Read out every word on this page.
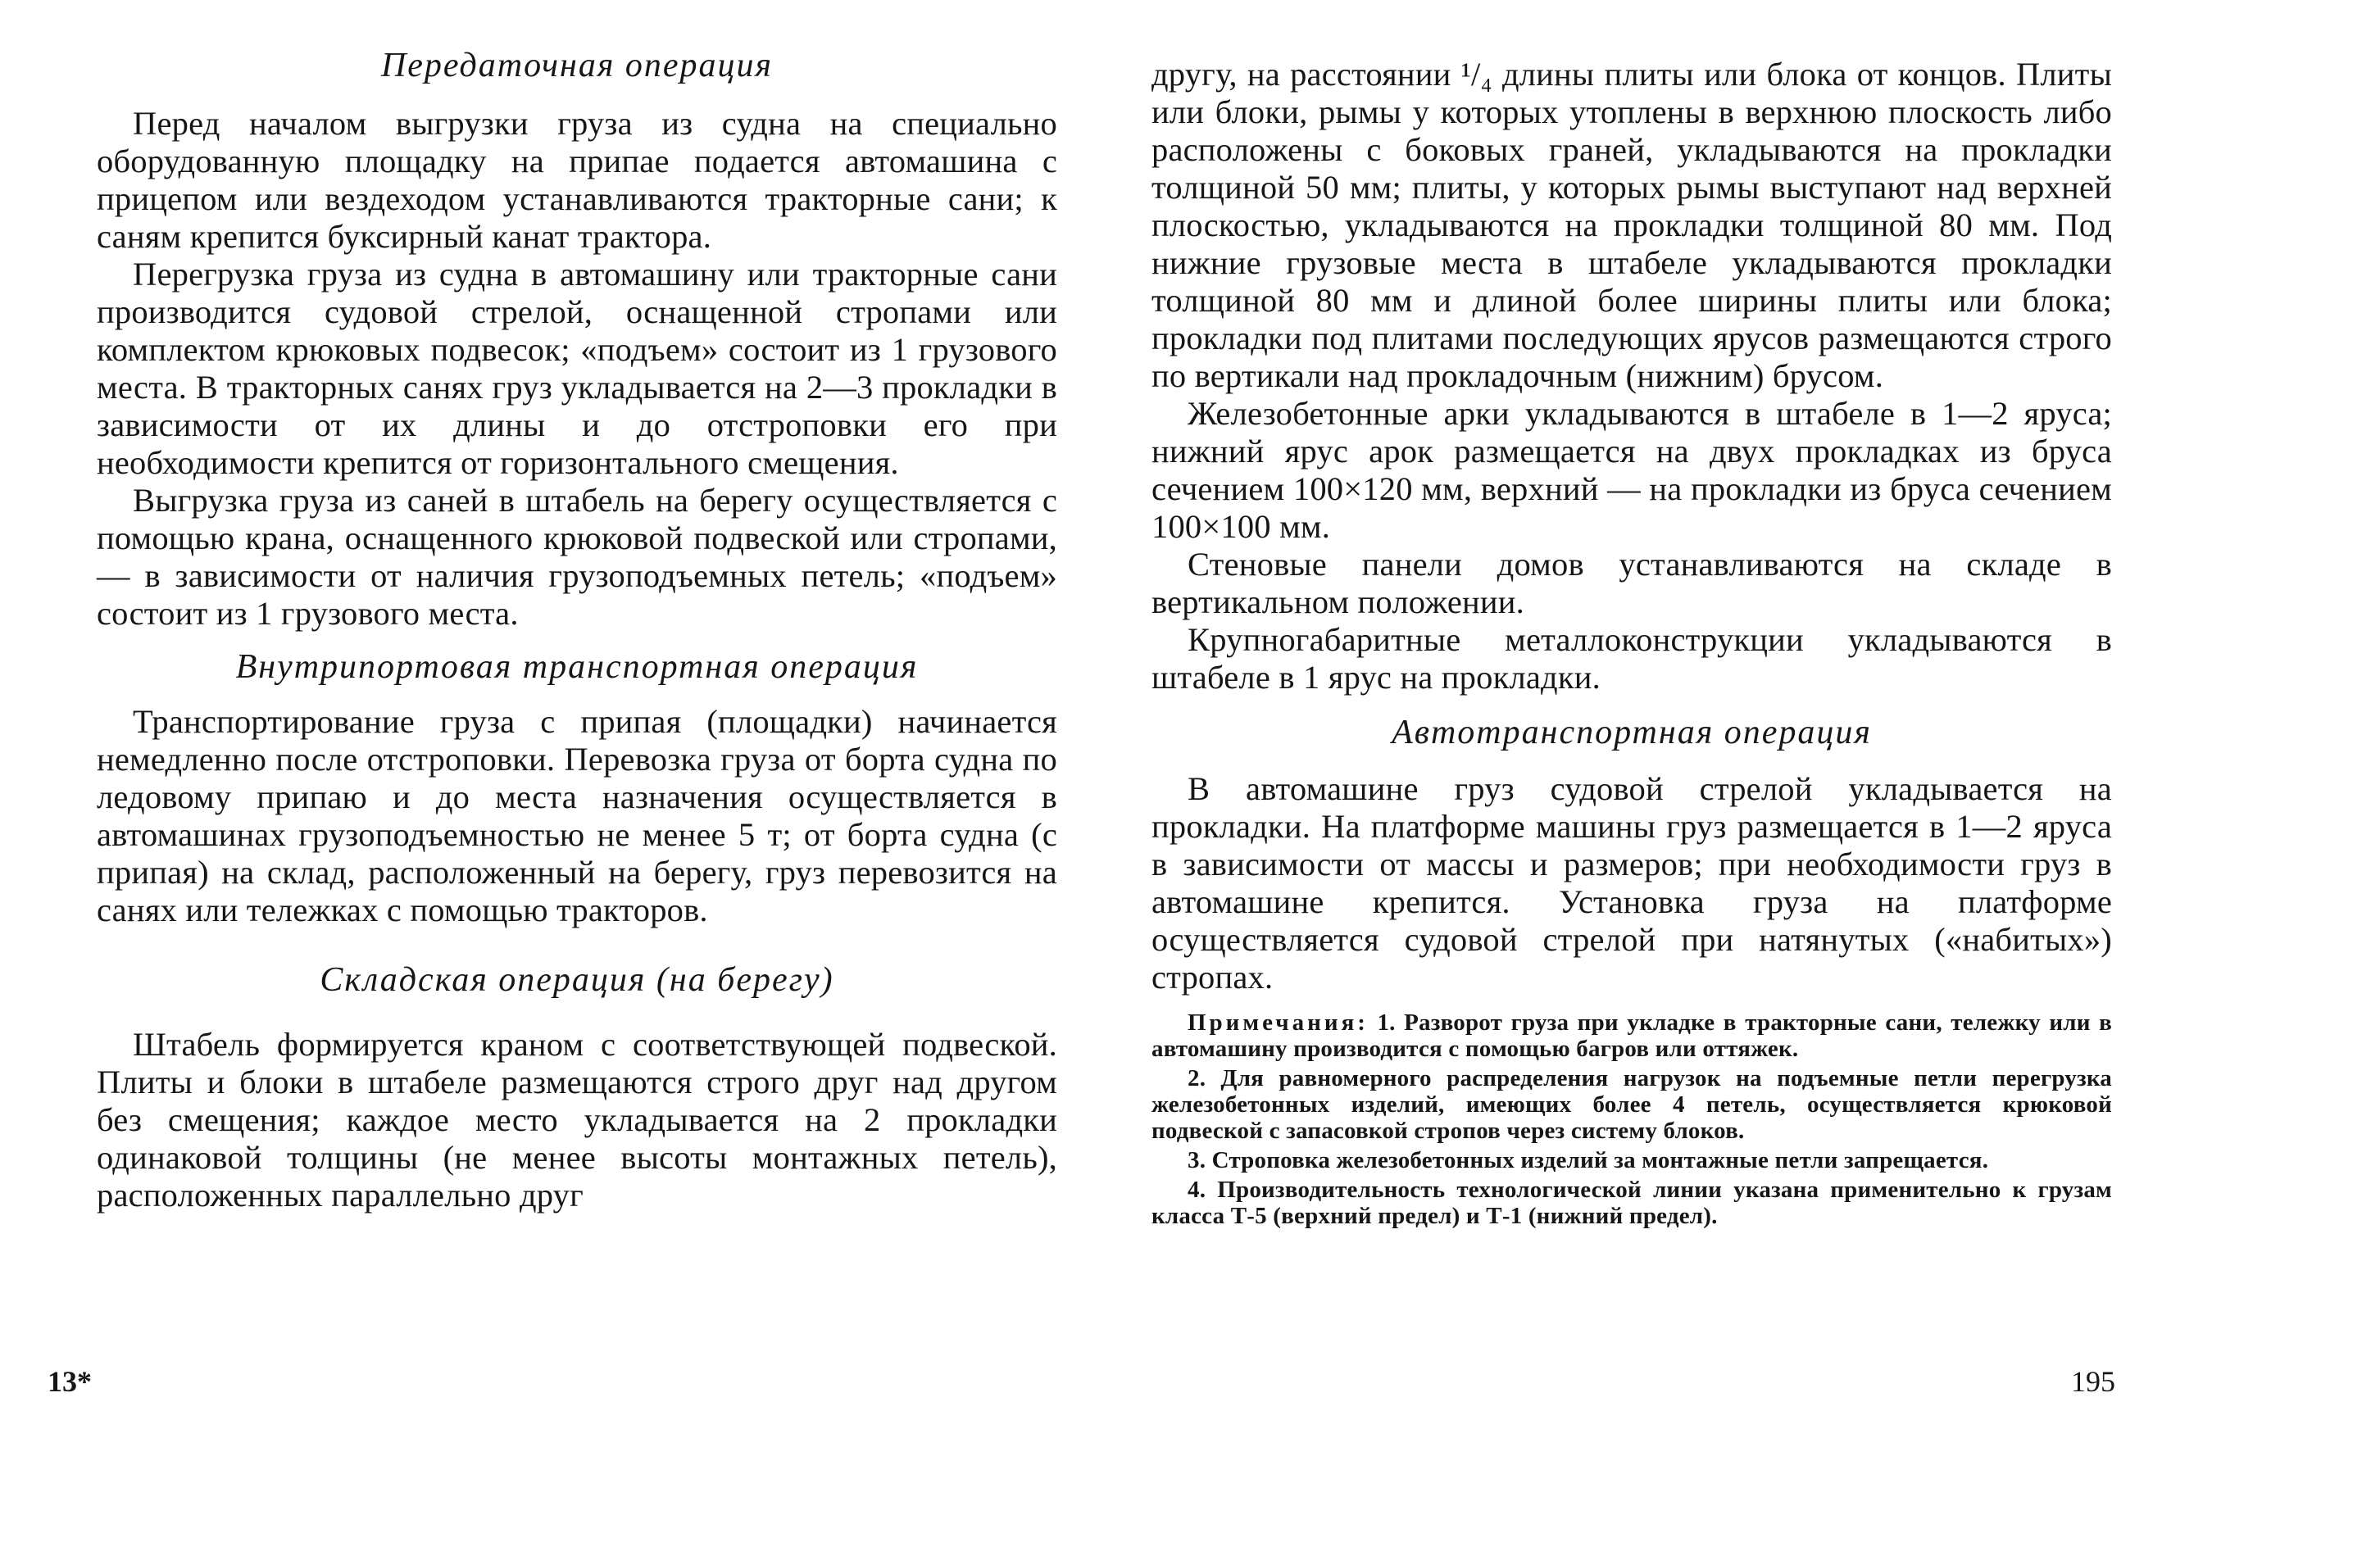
Передаточная операция

Перед началом выгрузки груза из судна на специально оборудованную площадку на припае подается автомашина с прицепом или вездеходом устанавливаются тракторные сани; к саням крепится буксирный канат трактора.

Перегрузка груза из судна в автомашину или тракторные сани производится судовой стрелой, оснащенной стропами или комплектом крюковых подвесок; «подъем» состоит из 1 грузового места. В тракторных санях груз укладывается на 2—3 прокладки в зависимости от их длины и до отстроповки его при необходимости крепится от горизонтального смещения.

Выгрузка груза из саней в штабель на берегу осуществляется с помощью крана, оснащенного крюковой подвеской или стропами, — в зависимости от наличия грузоподъемных петель; «подъем» состоит из 1 грузового места.

Внутрипортовая транспортная операция

Транспортирование груза с припая (площадки) начинается немедленно после отстроповки. Перевозка груза от борта судна по ледовому припаю и до места назначения осуществляется в автомашинах грузоподъемностью не менее 5 т; от борта судна (с припая) на склад, расположенный на берегу, груз перевозится на санях или тележках с помощью тракторов.

Складская операция (на берегу)

Штабель формируется краном с соответствующей подвеской. Плиты и блоки в штабеле размещаются строго друг над другом без смещения; каждое место укладывается на 2 прокладки одинаковой толщины (не менее высоты монтажных петель), расположенных параллельно друг

13*

другу, на расстоянии ¹/₄ длины плиты или блока от концов. Плиты или блоки, рымы у которых утоплены в верхнюю плоскость либо расположены с боковых граней, укладываются на прокладки толщиной 50 мм; плиты, у которых рымы выступают над верхней плоскостью, укладываются на прокладки толщиной 80 мм. Под нижние грузовые места в штабеле укладываются прокладки толщиной 80 мм и длиной более ширины плиты или блока; прокладки под плитами последующих ярусов размещаются строго по вертикали над прокладочным (нижним) брусом.

Железобетонные арки укладываются в штабеле в 1—2 яруса; нижний ярус арок размещается на двух прокладках из бруса сечением 100×120 мм, верхний — на прокладки из бруса сечением 100×100 мм.

Стеновые панели домов устанавливаются на складе в вертикальном положении.

Крупногабаритные металлоконструкции укладываются в штабеле в 1 ярус на прокладки.

Автотранспортная операция

В автомашине груз судовой стрелой укладывается на прокладки. На платформе машины груз размещается в 1—2 яруса в зависимости от массы и размеров; при необходимости груз в автомашине крепится. Установка груза на платформе осуществляется судовой стрелой при натянутых («набитых») стропах.

Примечания: 1. Разворот груза при укладке в тракторные сани, тележку или в автомашину производится с помощью багров или оттяжек.

2. Для равномерного распределения нагрузок на подъемные петли перегрузка железобетонных изделий, имеющих более 4 петель, осуществляется крюковой подвеской с запасовкой стропов через систему блоков.

3. Строповка железобетонных изделий за монтажные петли запрещается.

4. Производительность технологической линии указана применительно к грузам класса Т-5 (верхний предел) и Т-1 (нижний предел).

195
